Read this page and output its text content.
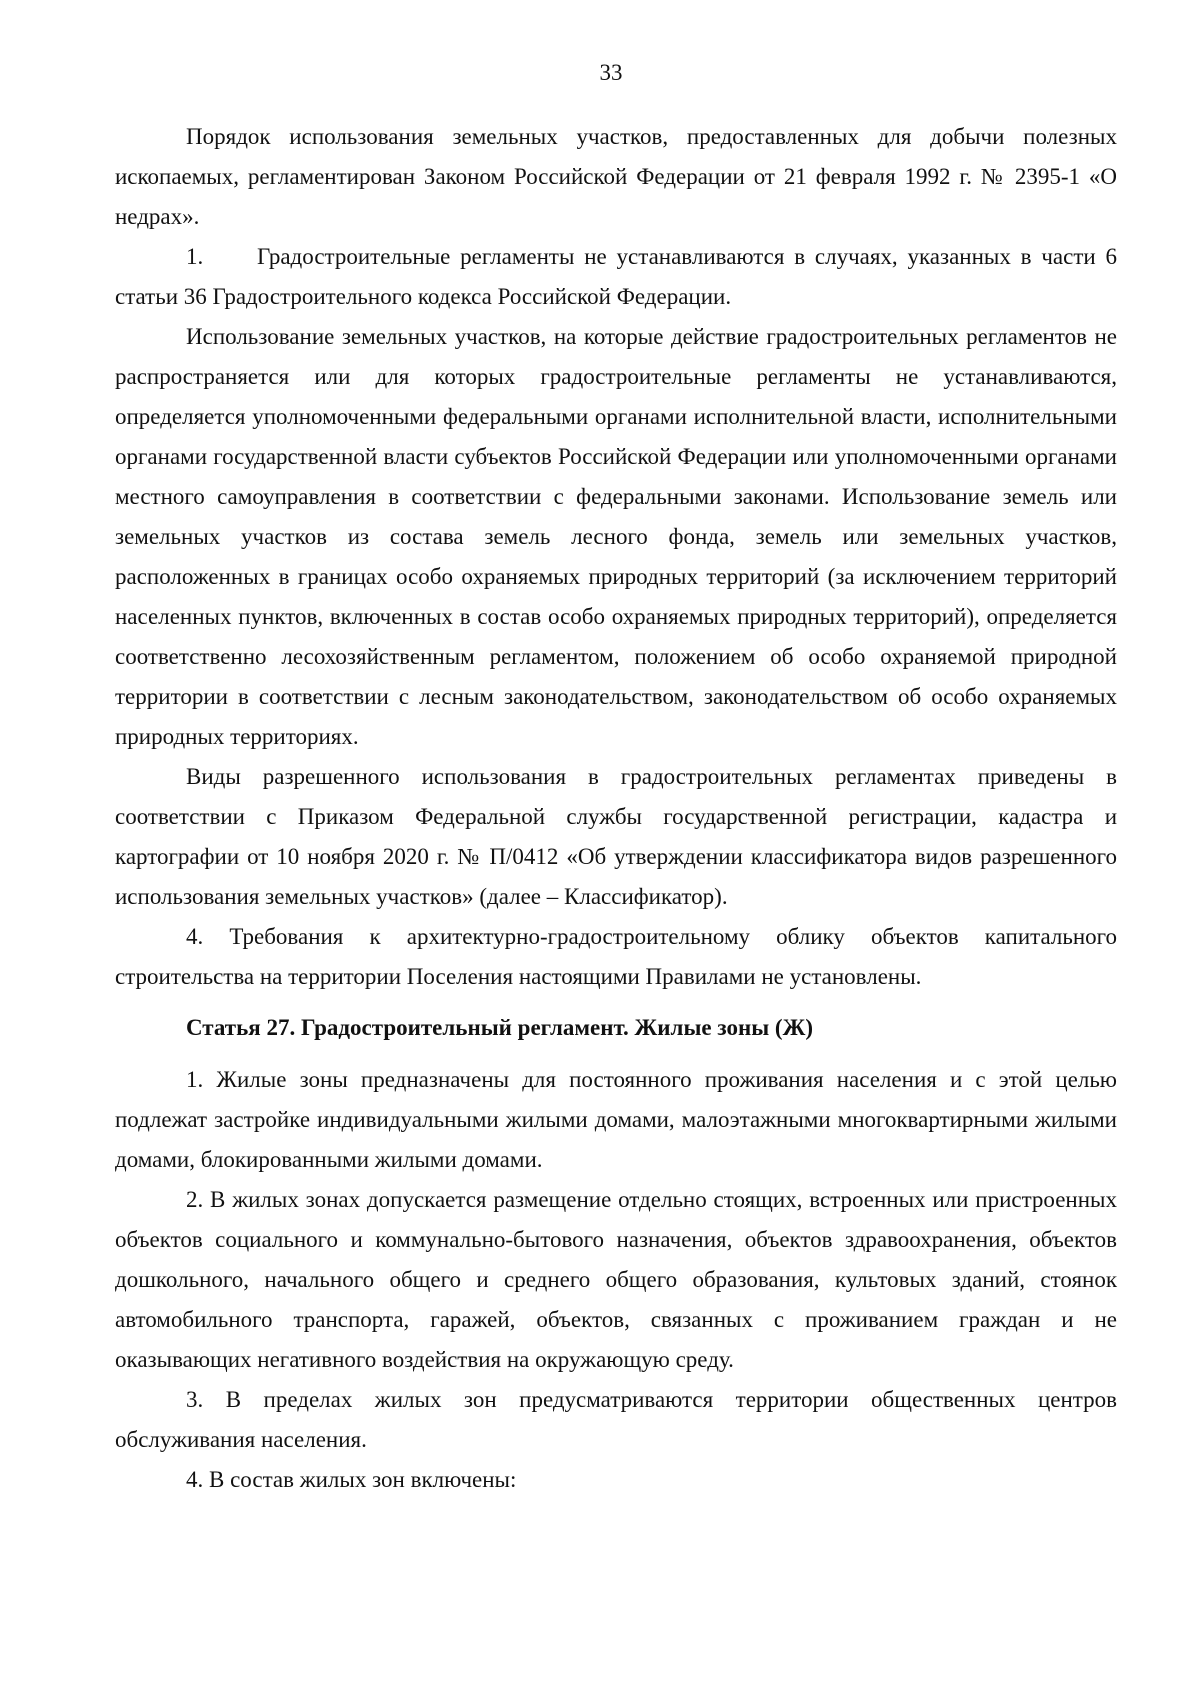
33

Порядок использования земельных участков, предоставленных для добычи полезных ископаемых, регламентирован Законом Российской Федерации от 21 февраля 1992 г. № 2395-1 «О недрах».

1. Градостроительные регламенты не устанавливаются в случаях, указанных в части 6 статьи 36 Градостроительного кодекса Российской Федерации.

Использование земельных участков, на которые действие градостроительных регламентов не распространяется или для которых градостроительные регламенты не устанавливаются, определяется уполномоченными федеральными органами исполнительной власти, исполнительными органами государственной власти субъектов Российской Федерации или уполномоченными органами местного самоуправления в соответствии с федеральными законами. Использование земель или земельных участков из состава земель лесного фонда, земель или земельных участков, расположенных в границах особо охраняемых природных территорий (за исключением территорий населенных пунктов, включенных в состав особо охраняемых природных территорий), определяется соответственно лесохозяйственным регламентом, положением об особо охраняемой природной территории в соответствии с лесным законодательством, законодательством об особо охраняемых природных территориях.

Виды разрешенного использования в градостроительных регламентах приведены в соответствии с Приказом Федеральной службы государственной регистрации, кадастра и картографии от 10 ноября 2020 г. № П/0412 «Об утверждении классификатора видов разрешенного использования земельных участков» (далее – Классификатор).

4. Требования к архитектурно-градостроительному облику объектов капитального строительства на территории Поселения настоящими Правилами не установлены.

Статья 27. Градостроительный регламент. Жилые зоны (Ж)

1. Жилые зоны предназначены для постоянного проживания населения и с этой целью подлежат застройке индивидуальными жилыми домами, малоэтажными многоквартирными жилыми домами, блокированными жилыми домами.

2. В жилых зонах допускается размещение отдельно стоящих, встроенных или пристроенных объектов социального и коммунально-бытового назначения, объектов здравоохранения, объектов дошкольного, начального общего и среднего общего образования, культовых зданий, стоянок автомобильного транспорта, гаражей, объектов, связанных с проживанием граждан и не оказывающих негативного воздействия на окружающую среду.

3. В пределах жилых зон предусматриваются территории общественных центров обслуживания населения.

4. В состав жилых зон включены:
